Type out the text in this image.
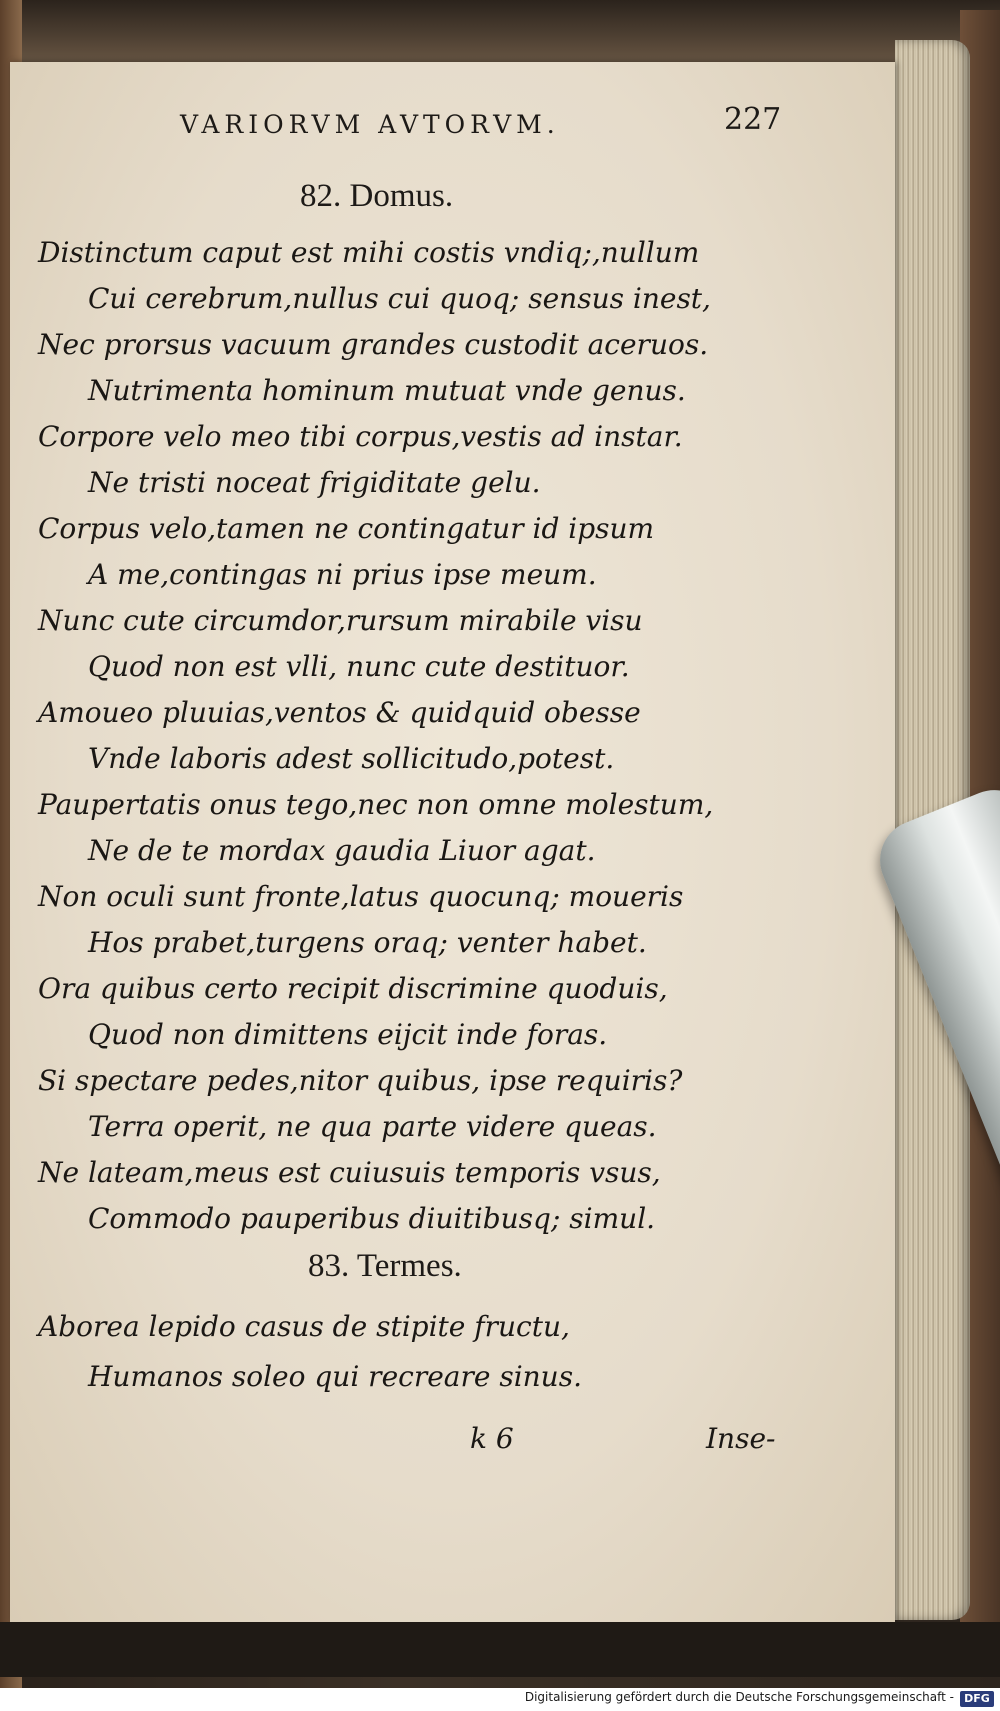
VARIORVM AVTORVM.	227
82. Domus.
Distinctum caput est mihi costis vndiq;,nullum
Cui cerebrum,nullus cui quoq; sensus inest,
Nec prorsus vacuum grandes custodit aceruos.
Nutrimenta hominum mutuat vnde genus.
Corpore velo meo tibi corpus,vestis ad instar.
Ne tristi noceat frigiditate gelu.
Corpus velo,tamen ne contingatur id ipsum
A me,contingas ni prius ipse meum.
Nunc cute circumdor,rursum mirabile visu
Quod non est vlli, nunc cute destituor.
Amoueo pluuias,ventos & quidquid obesse
Vnde laboris adest sollicitudo,potest.
Paupertatis onus tego,nec non omne molestum,
Ne de te mordax gaudia Liuor agat.
Non oculi sunt fronte,latus quocunq; moueris
Hos prabet,turgens oraq; venter habet.
Ora quibus certo recipit discrimine quoduis,
Quod non dimittens eijcit inde foras.
Si spectare pedes,nitor quibus, ipse requiris?
Terra operit, ne qua parte videre queas.
Ne lateam,meus est cuiusuis temporis vsus,
Commodo pauperibus diuitibusq; simul.
83. Termes.
Aborea lepido casus de stipite fructu,
Humanos soleo qui recreare sinus.
k 6	Inse-
Digitalisierung gefördert durch die Deutsche Forschungsgemeinschaft - DFG
